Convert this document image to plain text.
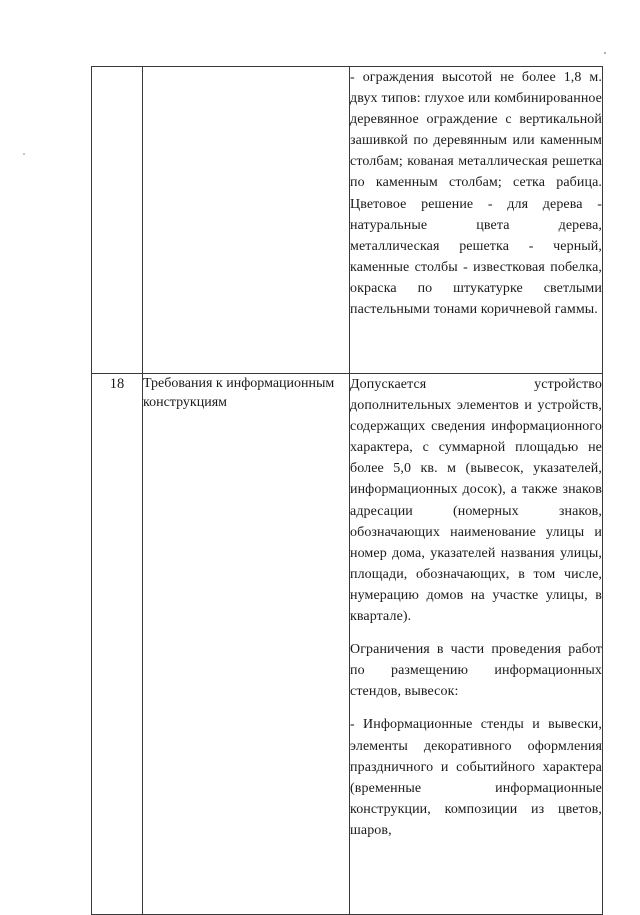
		- ограждения высотой не более 1,8 м. двух типов: глухое или комбинированное деревянное ограждение с вертикальной зашивкой по деревянным или каменным столбам; кованая металлическая решетка по каменным столбам; сетка рабица. Цветовое решение - для дерева - натуральные цвета дерева, металлическая решетка - черный, каменные столбы - известковая побелка, окраска по штукатурке светлыми пастельными тонами коричневой гаммы.

18	Требования к информационным конструкциям	Допускается устройство дополнительных элементов и устройств, содержащих сведения информационного характера, с суммарной площадью не более 5,0 кв. м (вывесок, указателей, информационных досок), а также знаков адресации (номерных знаков, обозначающих наименование улицы и номер дома, указателей названия улицы, площади, обозначающих, в том числе, нумерацию домов на участке улицы, в квартале).

Ограничения в части проведения работ по размещению информационных стендов, вывесок:

- Информационные стенды и вывески, элементы декоративного оформления праздничного и событийного характера (временные информационные конструкции, композиции из цветов, шаров,
